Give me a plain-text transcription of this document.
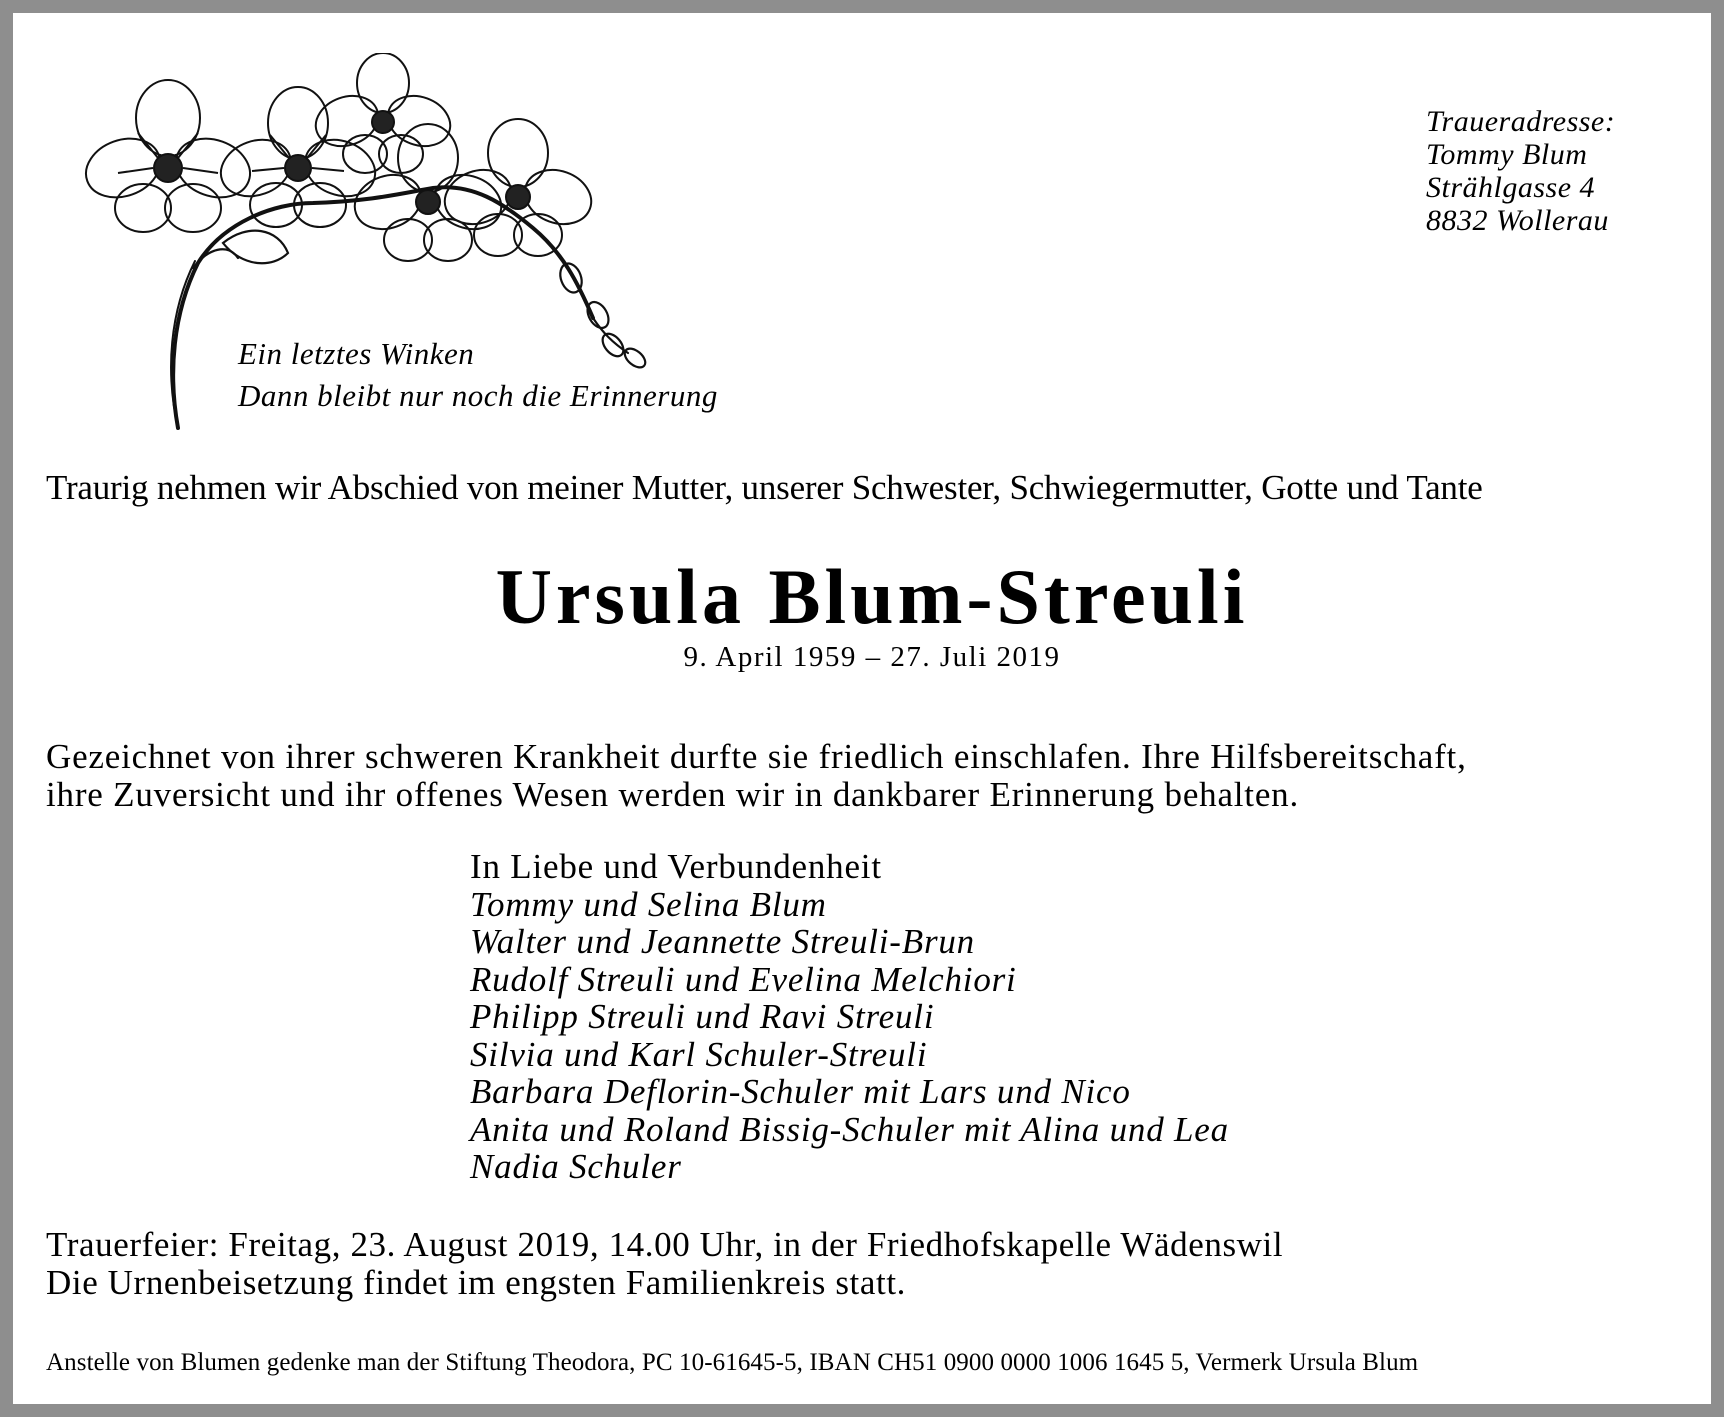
Ein letztes Winken
Dann bleibt nur noch die Erinnerung
Traueradresse:
Tommy Blum
Strählgasse 4
8832 Wollerau
Traurig nehmen wir Abschied von meiner Mutter, unserer Schwester, Schwiegermutter, Gotte und Tante
Ursula Blum-Streuli
9. April 1959 – 27. Juli 2019
Gezeichnet von ihrer schweren Krankheit durfte sie friedlich einschlafen. Ihre Hilfsbereitschaft,
ihre Zuversicht und ihr offenes Wesen werden wir in dankbarer Erinnerung behalten.
In Liebe und Verbundenheit
Tommy und Selina Blum
Walter und Jeannette Streuli-Brun
Rudolf Streuli und Evelina Melchiori
Philipp Streuli und Ravi Streuli
Silvia und Karl Schuler-Streuli
Barbara Deflorin-Schuler mit Lars und Nico
Anita und Roland Bissig-Schuler mit Alina und Lea
Nadia Schuler
Trauerfeier: Freitag, 23. August 2019, 14.00 Uhr, in der Friedhofskapelle Wädenswil
Die Urnenbeisetzung findet im engsten Familienkreis statt.
Anstelle von Blumen gedenke man der Stiftung Theodora, PC 10-61645-5, IBAN CH51 0900 0000 1006 1645 5, Vermerk Ursula Blum
